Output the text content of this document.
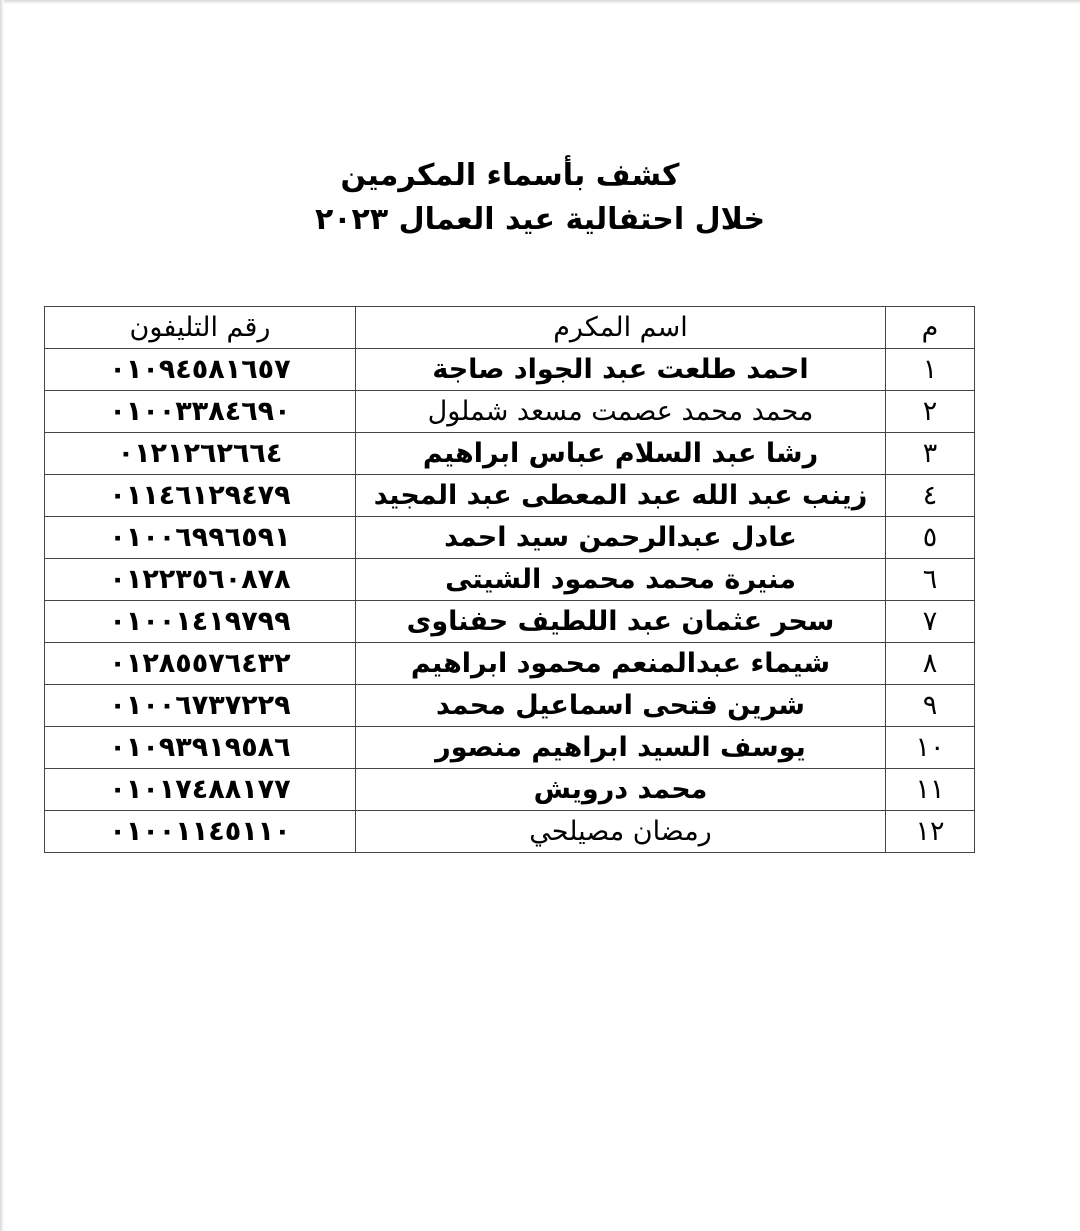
كشف بأسماء المكرمين
خلال احتفالية عيد العمال ٢٠٢٣
م	اسم المكرم	رقم التليفون
١	احمد طلعت عبد الجواد صاجة	٠١٠٩٤٥٨١٦٥٧
٢	محمد محمد عصمت مسعد شملول	٠١٠٠٣٣٨٤٦٩٠
٣	رشا عبد السلام عباس ابراهيم	٠١٢١٢٦٢٦٦٤
٤	زينب عبد الله عبد المعطى عبد المجيد	٠١١٤٦١٢٩٤٧٩
٥	عادل عبدالرحمن سيد احمد	٠١٠٠٦٩٩٦٥٩١
٦	منيرة محمد محمود الشيتى	٠١٢٢٣٥٦٠٨٧٨
٧	سحر عثمان عبد اللطيف حفناوى	٠١٠٠١٤١٩٧٩٩
٨	شيماء عبدالمنعم محمود ابراهيم	٠١٢٨٥٥٧٦٤٣٢
٩	شرين فتحى اسماعيل محمد	٠١٠٠٦٧٣٧٢٢٩
١٠	يوسف السيد ابراهيم منصور	٠١٠٩٣٩١٩٥٨٦
١١	محمد درويش	٠١٠١٧٤٨٨١٧٧
١٢	رمضان مصيلحي	٠١٠٠١١٤٥١١٠
